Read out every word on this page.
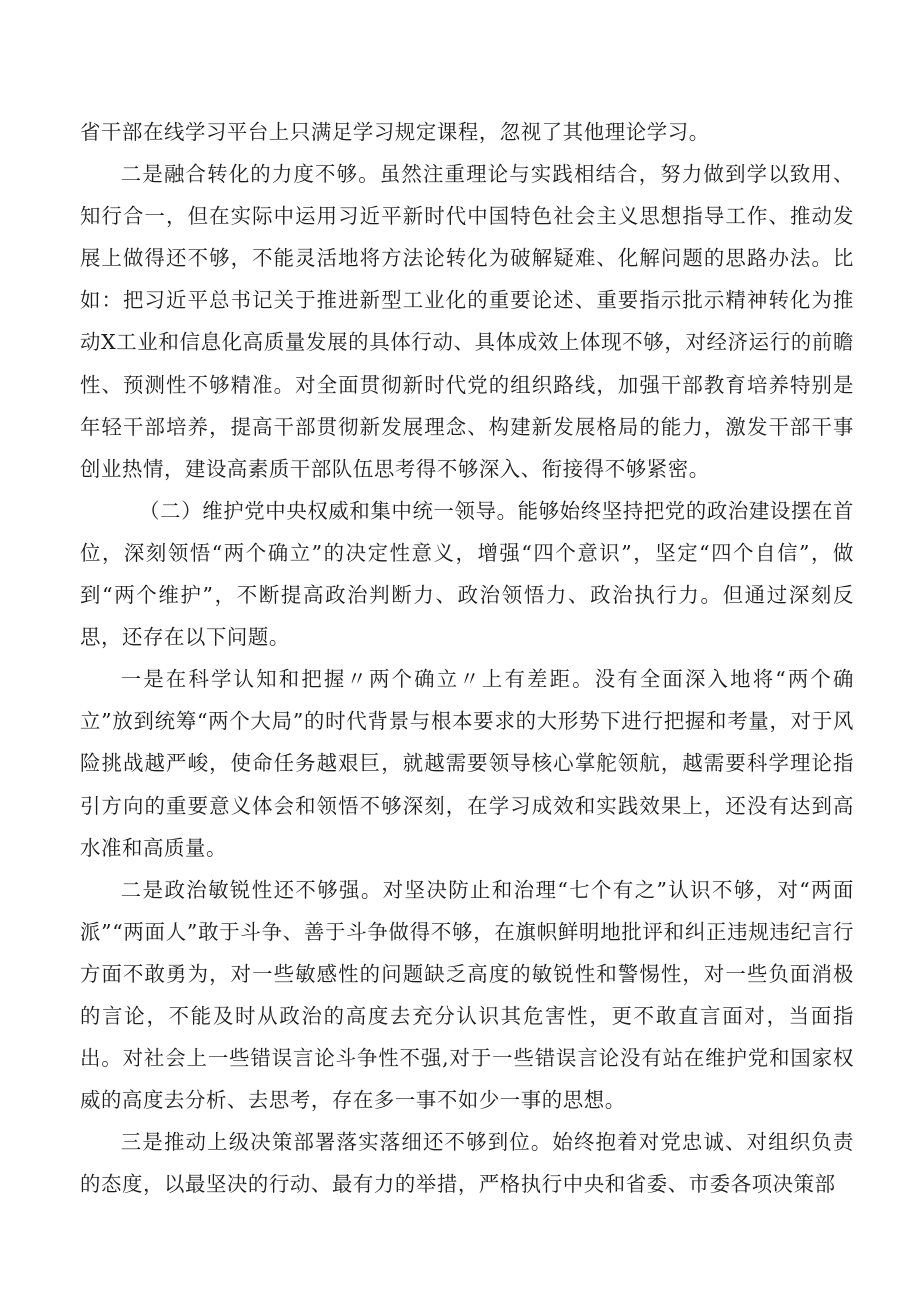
省干部在线学习平台上只满足学习规定课程，忽视了其他理论学习。

二是融合转化的力度不够。虽然注重理论与实践相结合，努力做到学以致用、知行合一，但在实际中运用习近平新时代中国特色社会主义思想指导工作、推动发展上做得还不够，不能灵活地将方法论转化为破解疑难、化解问题的思路办法。比如：把习近平总书记关于推进新型工业化的重要论述、重要指示批示精神转化为推动X工业和信息化高质量发展的具体行动、具体成效上体现不够，对经济运行的前瞻性、预测性不够精准。对全面贯彻新时代党的组织路线，加强干部教育培养特别是年轻干部培养，提高干部贯彻新发展理念、构建新发展格局的能力，激发干部干事创业热情，建设高素质干部队伍思考得不够深入、衔接得不够紧密。

（二）维护党中央权威和集中统一领导。能够始终坚持把党的政治建设摆在首位，深刻领悟“两个确立”的决定性意义，增强“四个意识”，坚定“四个自信”，做到“两个维护”，不断提高政治判断力、政治领悟力、政治执行力。但通过深刻反思，还存在以下问题。

一是在科学认知和把握〃两个确立〃上有差距。没有全面深入地将“两个确立”放到统筹“两个大局”的时代背景与根本要求的大形势下进行把握和考量，对于风险挑战越严峻，使命任务越艰巨，就越需要领导核心掌舵领航，越需要科学理论指引方向的重要意义体会和领悟不够深刻，在学习成效和实践效果上，还没有达到高水准和高质量。

二是政治敏锐性还不够强。对坚决防止和治理“七个有之”认识不够，对“两面派”“两面人”敢于斗争、善于斗争做得不够，在旗帜鲜明地批评和纠正违规违纪言行方面不敢勇为，对一些敏感性的问题缺乏高度的敏锐性和警惕性，对一些负面消极的言论，不能及时从政治的高度去充分认识其危害性，更不敢直言面对，当面指出。对社会上一些错误言论斗争性不强,对于一些错误言论没有站在维护党和国家权威的高度去分析、去思考，存在多一事不如少一事的思想。

三是推动上级决策部署落实落细还不够到位。始终抱着对党忠诚、对组织负责的态度，以最坚决的行动、最有力的举措，严格执行中央和省委、市委各项决策部
